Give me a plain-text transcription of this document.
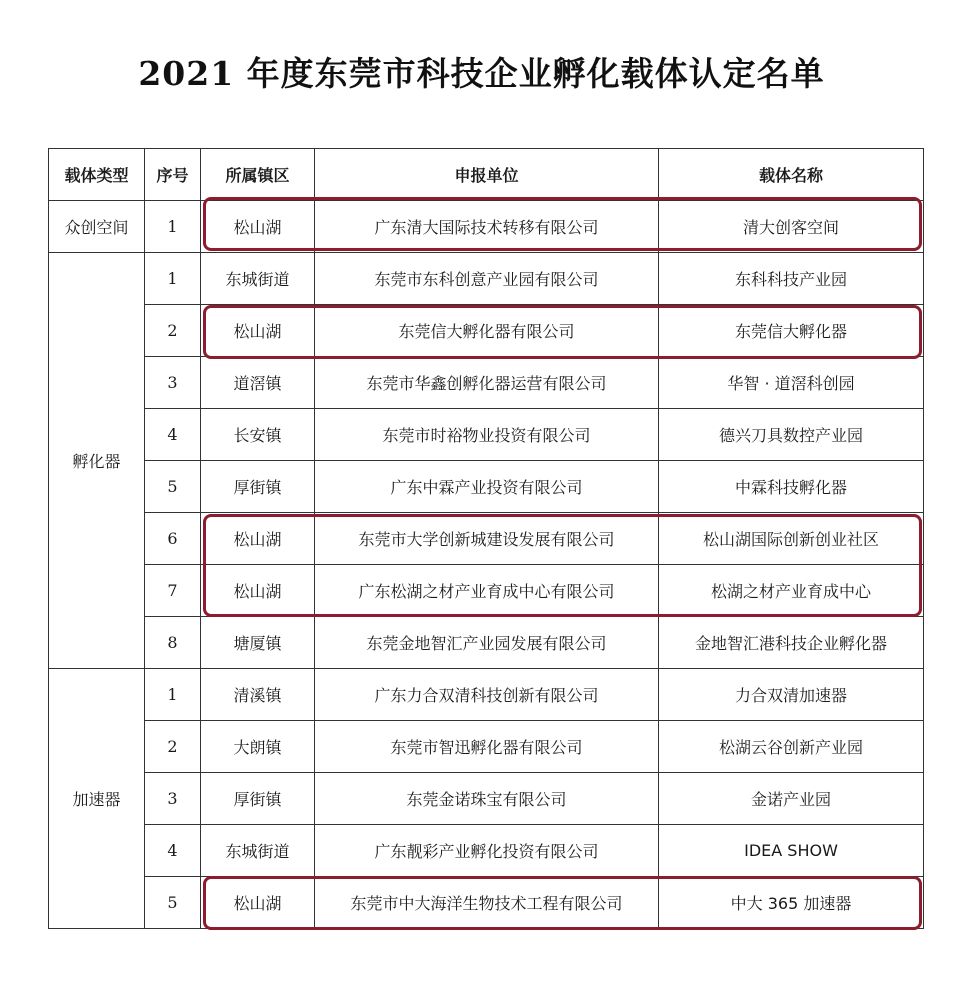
2021 年度东莞市科技企业孵化载体认定名单
载体类型	序号	所属镇区	申报单位	载体名称
众创空间	1	松山湖	广东清大国际技术转移有限公司	清大创客空间
孵化器	1	东城街道	东莞市东科创意产业园有限公司	东科科技产业园
	2	松山湖	东莞信大孵化器有限公司	东莞信大孵化器
	3	道滘镇	东莞市华鑫创孵化器运营有限公司	华智 · 道滘科创园
	4	长安镇	东莞市时裕物业投资有限公司	德兴刀具数控产业园
	5	厚街镇	广东中霖产业投资有限公司	中霖科技孵化器
	6	松山湖	东莞市大学创新城建设发展有限公司	松山湖国际创新创业社区
	7	松山湖	广东松湖之材产业育成中心有限公司	松湖之材产业育成中心
	8	塘厦镇	东莞金地智汇产业园发展有限公司	金地智汇港科技企业孵化器
加速器	1	清溪镇	广东力合双清科技创新有限公司	力合双清加速器
	2	大朗镇	东莞市智迅孵化器有限公司	松湖云谷创新产业园
	3	厚街镇	东莞金诺珠宝有限公司	金诺产业园
	4	东城街道	广东靓彩产业孵化投资有限公司	IDEA SHOW
	5	松山湖	东莞市中大海洋生物技术工程有限公司	中大 365 加速器
